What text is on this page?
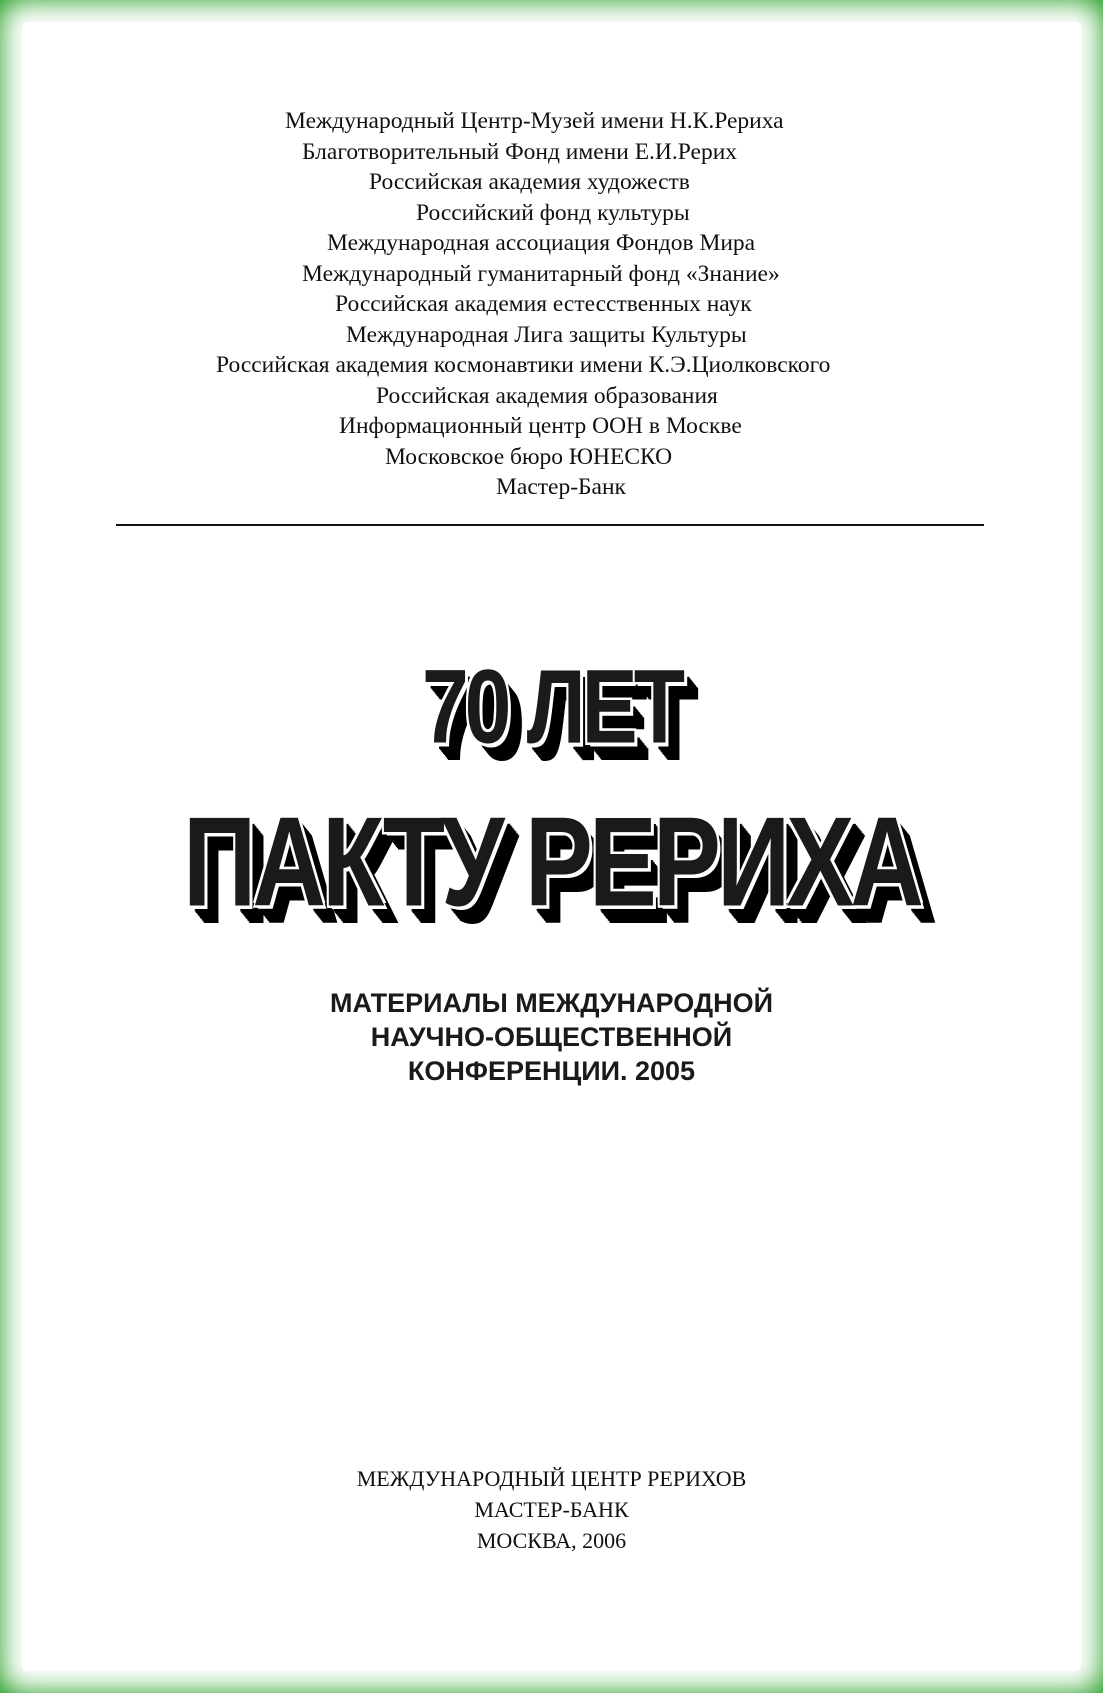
Международный Центр-Музей имени Н.К.Рериха
Благотворительный Фонд имени Е.И.Рерих
Российская академия художеств
Российский фонд культуры
Международная ассоциация Фондов Мира
Международный гуманитарный фонд «Знание»
Российская академия естесственных наук
Международная Лига защиты Культуры
Российская академия космонавтики имени К.Э.Циолковского
Российская академия образования
Информационный центр ООН в Москве
Московское бюро ЮНЕСКО
Мастер-Банк
70 ЛЕТ
ПАКТУ РЕРИХА
МАТЕРИАЛЫ МЕЖДУНАРОДНОЙ
НАУЧНО-ОБЩЕСТВЕННОЙ
КОНФЕРЕНЦИИ. 2005
МЕЖДУНАРОДНЫЙ ЦЕНТР РЕРИХОВ
МАСТЕР-БАНК
МОСКВА, 2006
